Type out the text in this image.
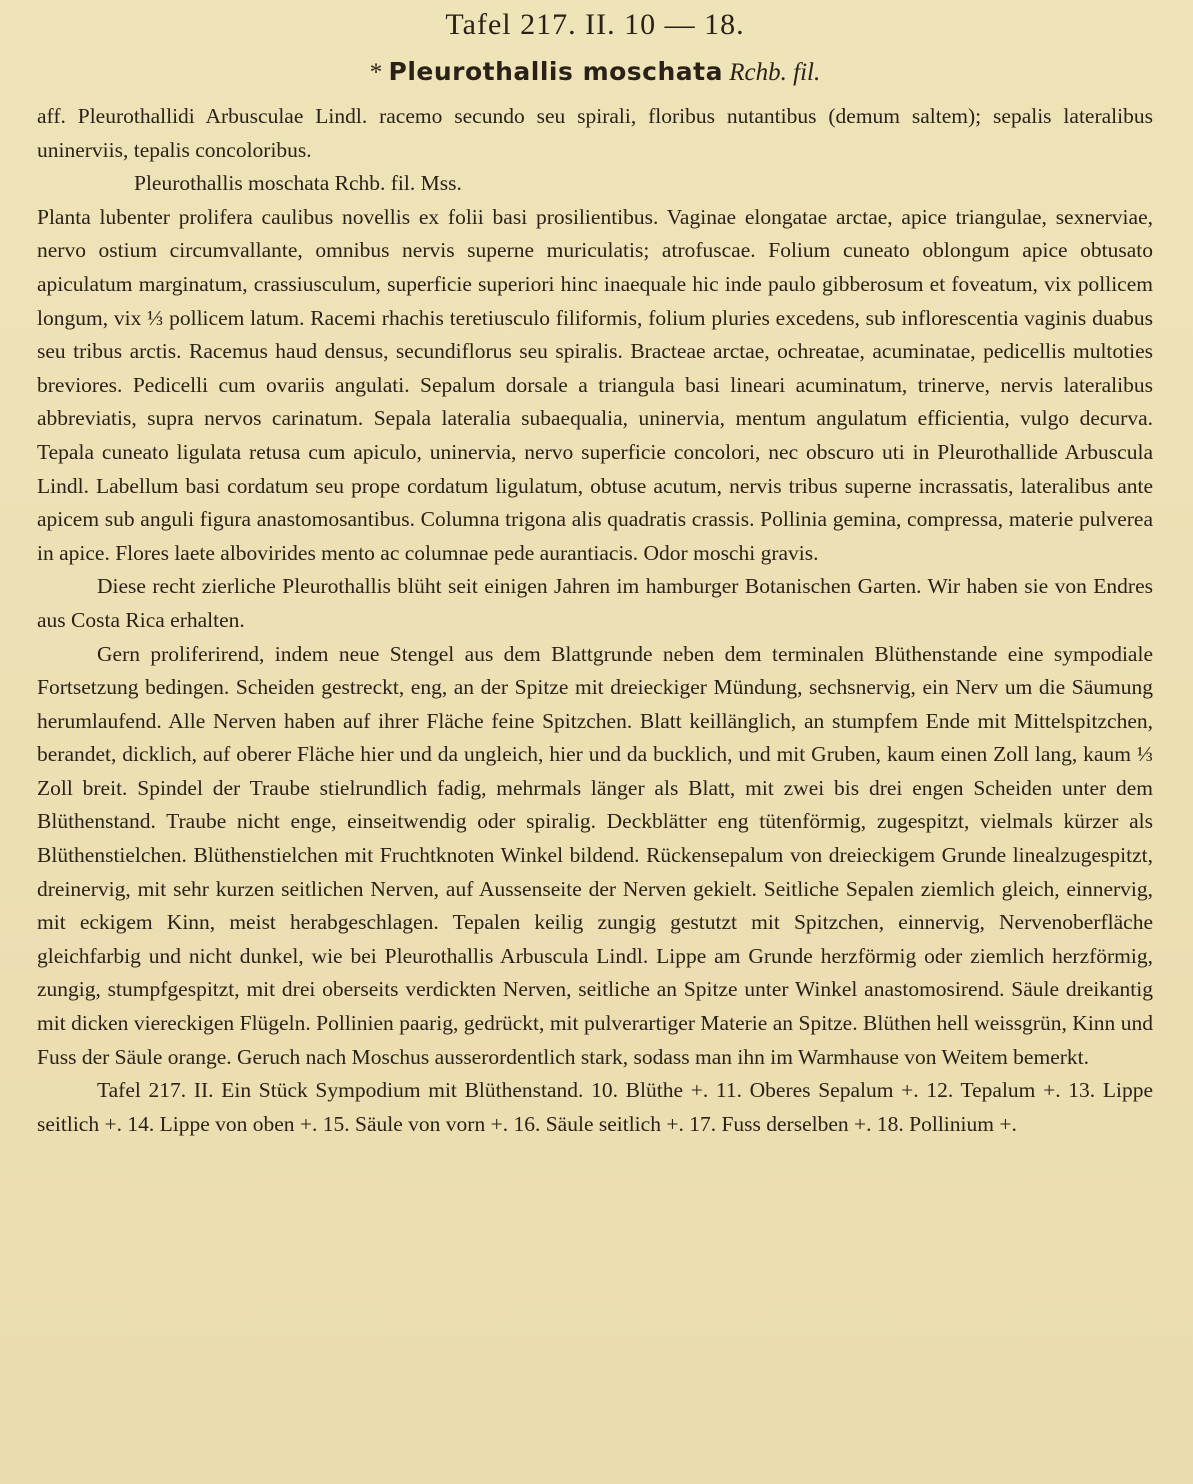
Tafel 217. II. 10 — 18.
* Pleurothallis moschata Rchb. fil.

aff. Pleurothallidi Arbusculae Lindl. racemo secundo seu spirali, floribus nutantibus (demum saltem); sepalis lateralibus uninerviis, tepalis concoloribus.

Pleurothallis moschata Rchb. fil. Mss.

Planta lubenter prolifera caulibus novellis ex folii basi prosilientibus. Vaginae elongatae arctae, apice triangulae, sexnerviae, nervo ostium circumvallante, omnibus nervis superne muriculatis; atrofuscae. Folium cuneato oblongum apice obtusato apiculatum marginatum, crassiusculum, superficie superiori hinc inaequale hic inde paulo gibberosum et foveatum, vix pollicem longum, vix ⅓ pollicem latum. Racemi rhachis teretiusculo filiformis, folium pluries excedens, sub inflorescentia vaginis duabus seu tribus arctis. Racemus haud densus, secundiflorus seu spiralis. Bracteae arctae, ochreatae, acuminatae, pedicellis multoties breviores. Pedicelli cum ovariis angulati. Sepalum dorsale a triangula basi lineari acuminatum, trinerve, nervis lateralibus abbreviatis, supra nervos carinatum. Sepala lateralia subaequalia, uninervia, mentum angulatum efficientia, vulgo decurva. Tepala cuneato ligulata retusa cum apiculo, uninervia, nervo superficie concolori, nec obscuro uti in Pleurothallide Arbuscula Lindl. Labellum basi cordatum seu prope cordatum ligulatum, obtuse acutum, nervis tribus superne incrassatis, lateralibus ante apicem sub anguli figura anastomosantibus. Columna trigona alis quadratis crassis. Pollinia gemina, compressa, materie pulverea in apice. Flores laete albovirides mento ac columnae pede aurantiacis. Odor moschi gravis.

Diese recht zierliche Pleurothallis blüht seit einigen Jahren im hamburger Botanischen Garten. Wir haben sie von Endres aus Costa Rica erhalten.

Gern proliferirend, indem neue Stengel aus dem Blattgrunde neben dem terminalen Blüthenstande eine sympodiale Fortsetzung bedingen. Scheiden gestreckt, eng, an der Spitze mit dreieckiger Mündung, sechsnervig, ein Nerv um die Säumung herumlaufend. Alle Nerven haben auf ihrer Fläche feine Spitzchen. Blatt keillänglich, an stumpfem Ende mit Mittelspitzchen, berandet, dicklich, auf oberer Fläche hier und da ungleich, hier und da bucklich, und mit Gruben, kaum einen Zoll lang, kaum ⅓ Zoll breit. Spindel der Traube stielrundlich fadig, mehrmals länger als Blatt, mit zwei bis drei engen Scheiden unter dem Blüthenstand. Traube nicht enge, einseitwendig oder spiralig. Deckblätter eng tütenförmig, zugespitzt, vielmals kürzer als Blüthenstielchen. Blüthenstielchen mit Fruchtknoten Winkel bildend. Rückensepalum von dreieckigem Grunde linealzugespitzt, dreinervig, mit sehr kurzen seitlichen Nerven, auf Aussenseite der Nerven gekielt. Seitliche Sepalen ziemlich gleich, einnervig, mit eckigem Kinn, meist herabgeschlagen. Tepalen keilig zungig gestutzt mit Spitzchen, einnervig, Nervenoberfläche gleichfarbig und nicht dunkel, wie bei Pleurothallis Arbuscula Lindl. Lippe am Grunde herzförmig oder ziemlich herzförmig, zungig, stumpfgespitzt, mit drei oberseits verdickten Nerven, seitliche an Spitze unter Winkel anastomosirend. Säule dreikantig mit dicken viereckigen Flügeln. Pollinien paarig, gedrückt, mit pulverartiger Materie an Spitze. Blüthen hell weissgrün, Kinn und Fuss der Säule orange. Geruch nach Moschus ausserordentlich stark, sodass man ihn im Warmhause von Weitem bemerkt.

Tafel 217. II. Ein Stück Sympodium mit Blüthenstand. 10. Blüthe +. 11. Oberes Sepalum +. 12. Tepalum +. 13. Lippe seitlich +. 14. Lippe von oben +. 15. Säule von vorn +. 16. Säule seitlich +. 17. Fuss derselben +. 18. Pollinium +.
